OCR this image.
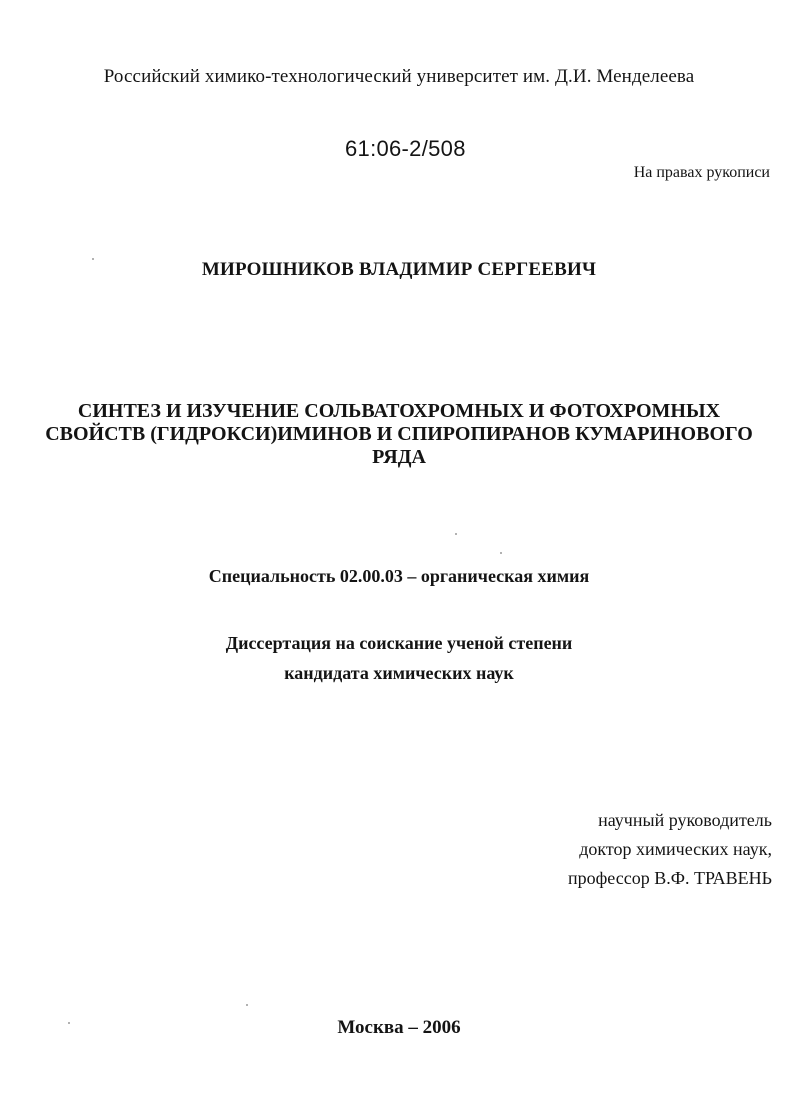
Российский химико-технологический университет им. Д.И. Менделеева
61:06-2/508
На правах рукописи
МИРОШНИКОВ ВЛАДИМИР СЕРГЕЕВИЧ
СИНТЕЗ И ИЗУЧЕНИЕ СОЛЬВАТОХРОМНЫХ И ФОТОХРОМНЫХ
СВОЙСТВ (ГИДРОКСИ)ИМИНОВ И СПИРОПИРАНОВ КУМАРИНОВОГО
РЯДА
Специальность 02.00.03 – органическая химия
Диссертация на соискание ученой степени
кандидата химических наук
научный руководитель
доктор химических наук,
профессор В.Ф. ТРАВЕНЬ
Москва – 2006
